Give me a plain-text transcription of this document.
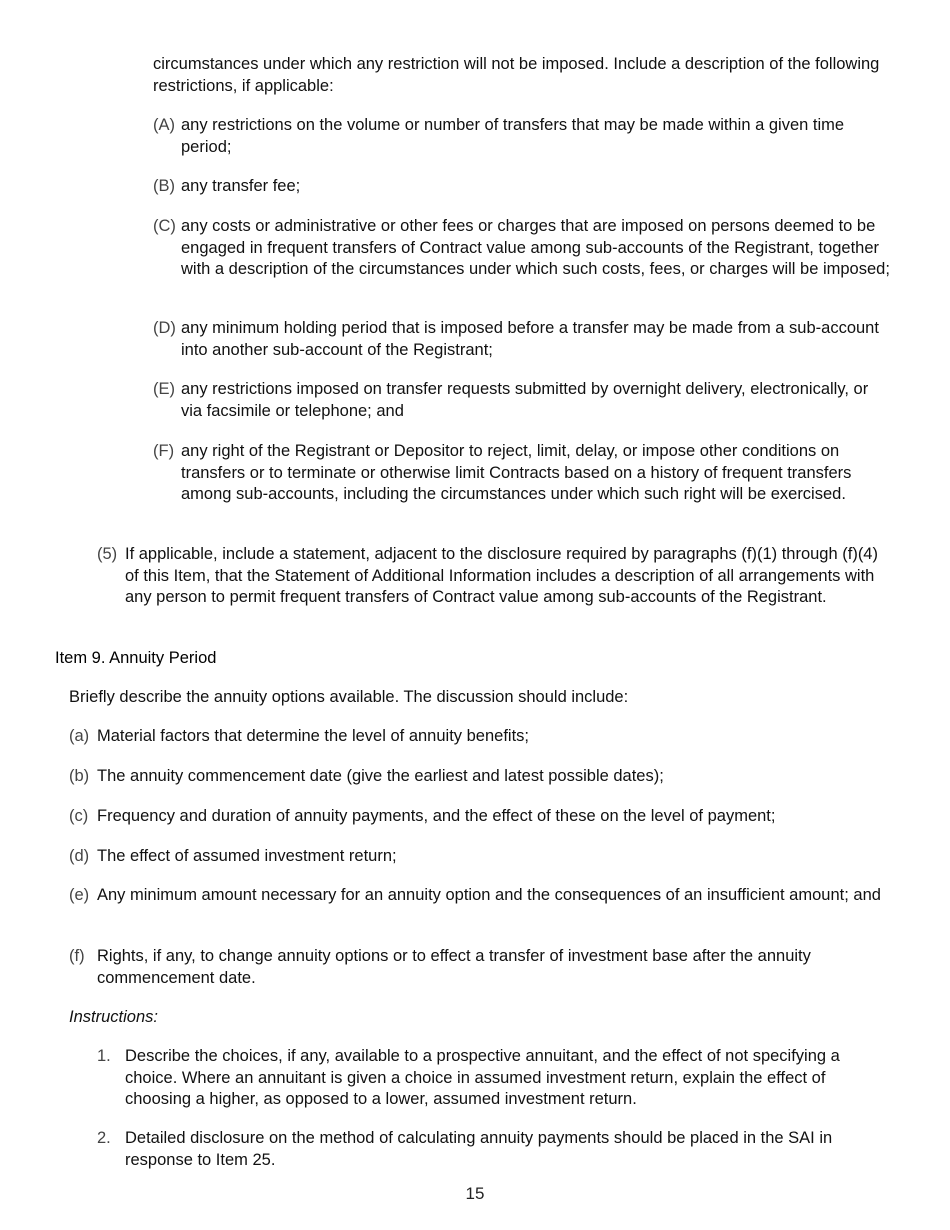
circumstances under which any restriction will not be imposed. Include a description of the following restrictions, if applicable:

(A) any restrictions on the volume or number of transfers that may be made within a given time period;
(B) any transfer fee;
(C) any costs or administrative or other fees or charges that are imposed on persons deemed to be engaged in frequent transfers of Contract value among sub-accounts of the Registrant, together with a description of the circumstances under which such costs, fees, or charges will be imposed;
(D) any minimum holding period that is imposed before a transfer may be made from a sub-account into another sub-account of the Registrant;
(E) any restrictions imposed on transfer requests submitted by overnight delivery, electronically, or via facsimile or telephone; and
(F) any right of the Registrant or Depositor to reject, limit, delay, or impose other conditions on transfers or to terminate or otherwise limit Contracts based on a history of frequent transfers among sub-accounts, including the circumstances under which such right will be exercised.
(5) If applicable, include a statement, adjacent to the disclosure required by paragraphs (f)(1) through (f)(4) of this Item, that the Statement of Additional Information includes a description of all arrangements with any person to permit frequent transfers of Contract value among sub-accounts of the Registrant.
Item 9. Annuity Period
Briefly describe the annuity options available. The discussion should include:
(a) Material factors that determine the level of annuity benefits;
(b) The annuity commencement date (give the earliest and latest possible dates);
(c) Frequency and duration of annuity payments, and the effect of these on the level of payment;
(d) The effect of assumed investment return;
(e) Any minimum amount necessary for an annuity option and the consequences of an insufficient amount; and
(f) Rights, if any, to change annuity options or to effect a transfer of investment base after the annuity commencement date.
Instructions:
1. Describe the choices, if any, available to a prospective annuitant, and the effect of not specifying a choice. Where an annuitant is given a choice in assumed investment return, explain the effect of choosing a higher, as opposed to a lower, assumed investment return.
2. Detailed disclosure on the method of calculating annuity payments should be placed in the SAI in response to Item 25.
15
